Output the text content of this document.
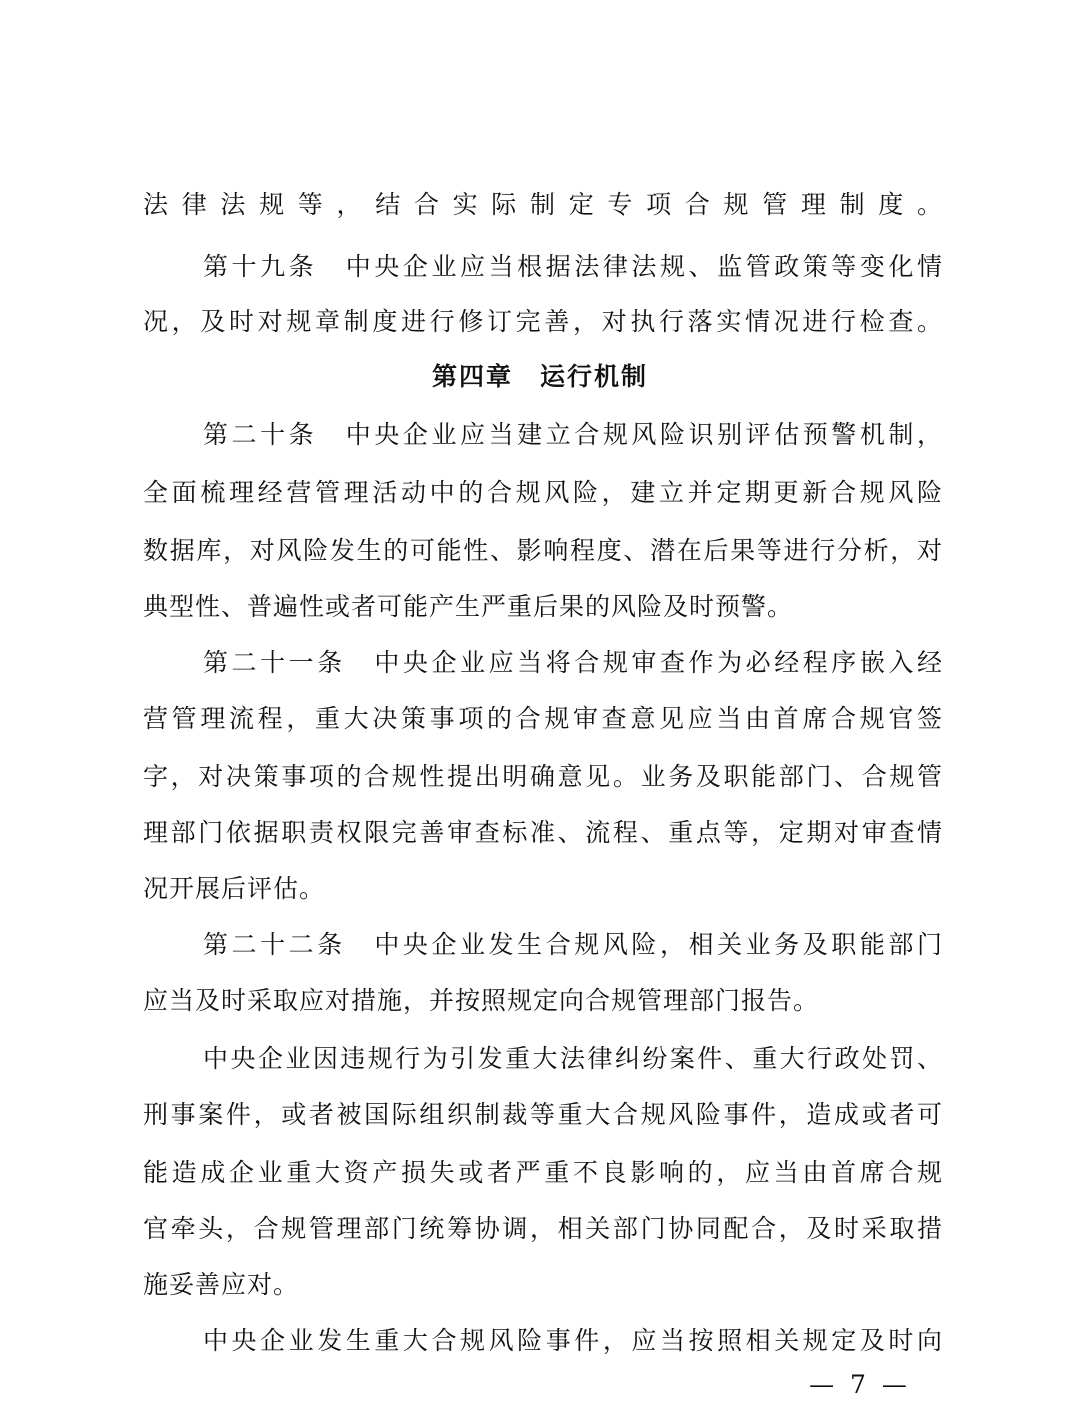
法律法规等，结合实际制定专项合规管理制度。
第十九条　中央企业应当根据法律法规、监管政策等变化情
况，及时对规章制度进行修订完善，对执行落实情况进行检查。
第四章　运行机制
第二十条　中央企业应当建立合规风险识别评估预警机制，
全面梳理经营管理活动中的合规风险，建立并定期更新合规风险
数据库，对风险发生的可能性、影响程度、潜在后果等进行分析，对
典型性、普遍性或者可能产生严重后果的风险及时预警。
第二十一条　中央企业应当将合规审查作为必经程序嵌入经
营管理流程，重大决策事项的合规审查意见应当由首席合规官签
字，对决策事项的合规性提出明确意见。业务及职能部门、合规管
理部门依据职责权限完善审查标准、流程、重点等，定期对审查情
况开展后评估。
第二十二条　中央企业发生合规风险，相关业务及职能部门
应当及时采取应对措施，并按照规定向合规管理部门报告。
中央企业因违规行为引发重大法律纠纷案件、重大行政处罚、
刑事案件，或者被国际组织制裁等重大合规风险事件，造成或者可
能造成企业重大资产损失或者严重不良影响的，应当由首席合规
官牵头，合规管理部门统筹协调，相关部门协同配合，及时采取措
施妥善应对。
中央企业发生重大合规风险事件，应当按照相关规定及时向
— 7 —
